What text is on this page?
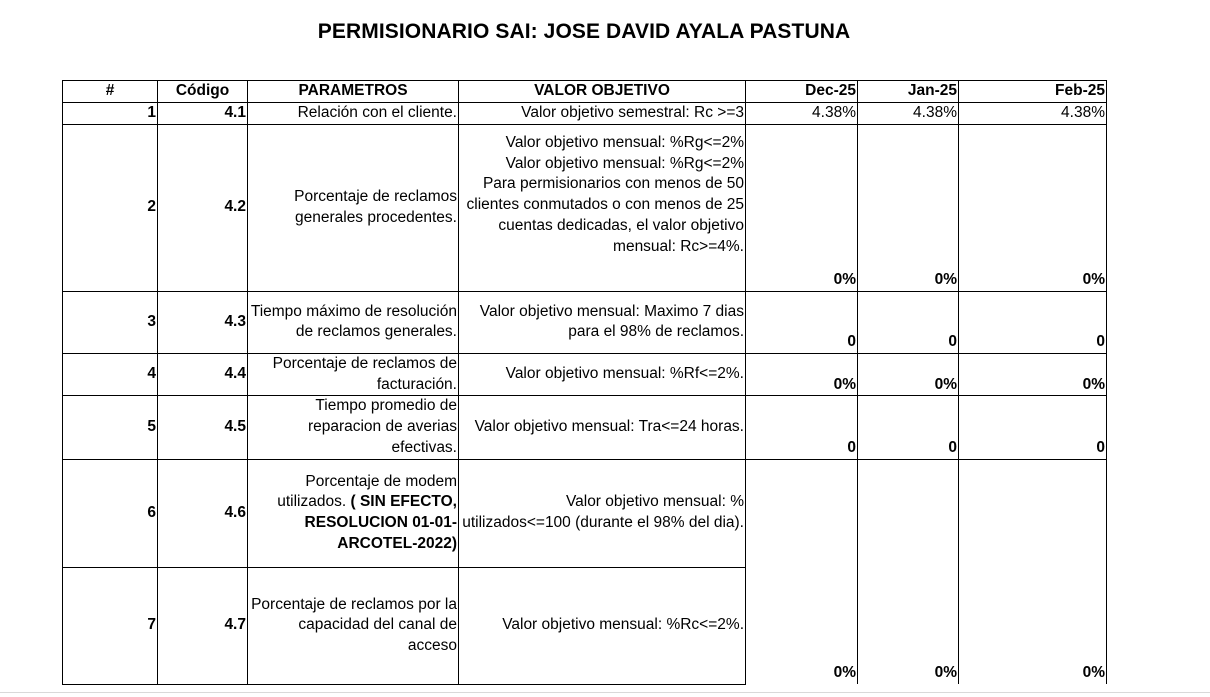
PERMISIONARIO SAI: JOSE DAVID AYALA PASTUNA
#	Código	PARAMETROS	VALOR OBJETIVO	Dec-25	Jan-25	Feb-25
1	4.1	Relación con el cliente.	Valor objetivo semestral: Rc >=3	4.38%	4.38%	4.38%
2	4.2	Porcentaje de reclamos generales procedentes.	Valor objetivo mensual: %Rg<=2%
Valor objetivo mensual: %Rg<=2%
Para permisionarios con menos de 50 clientes conmutados o con menos de 25 cuentas dedicadas, el valor objetivo mensual: Rc>=4%.	0%	0%	0%
3	4.3	Tiempo máximo de resolución de reclamos generales.	Valor objetivo mensual: Maximo 7 dias para el 98% de reclamos.	0	0	0
4	4.4	Porcentaje de reclamos de facturación.	Valor objetivo mensual: %Rf<=2%.	0%	0%	0%
5	4.5	Tiempo promedio de reparacion de averias efectivas.	Valor objetivo mensual: Tra<=24 horas.	0	0	0
6	4.6	Porcentaje de modem utilizados. ( SIN EFECTO, RESOLUCION 01-01-ARCOTEL-2022)	Valor objetivo mensual: % utilizados<=100 (durante el 98% del dia).	0%	0%	0%
7	4.7	Porcentaje de reclamos por la capacidad del canal de acceso	Valor objetivo mensual: %Rc<=2%.			
